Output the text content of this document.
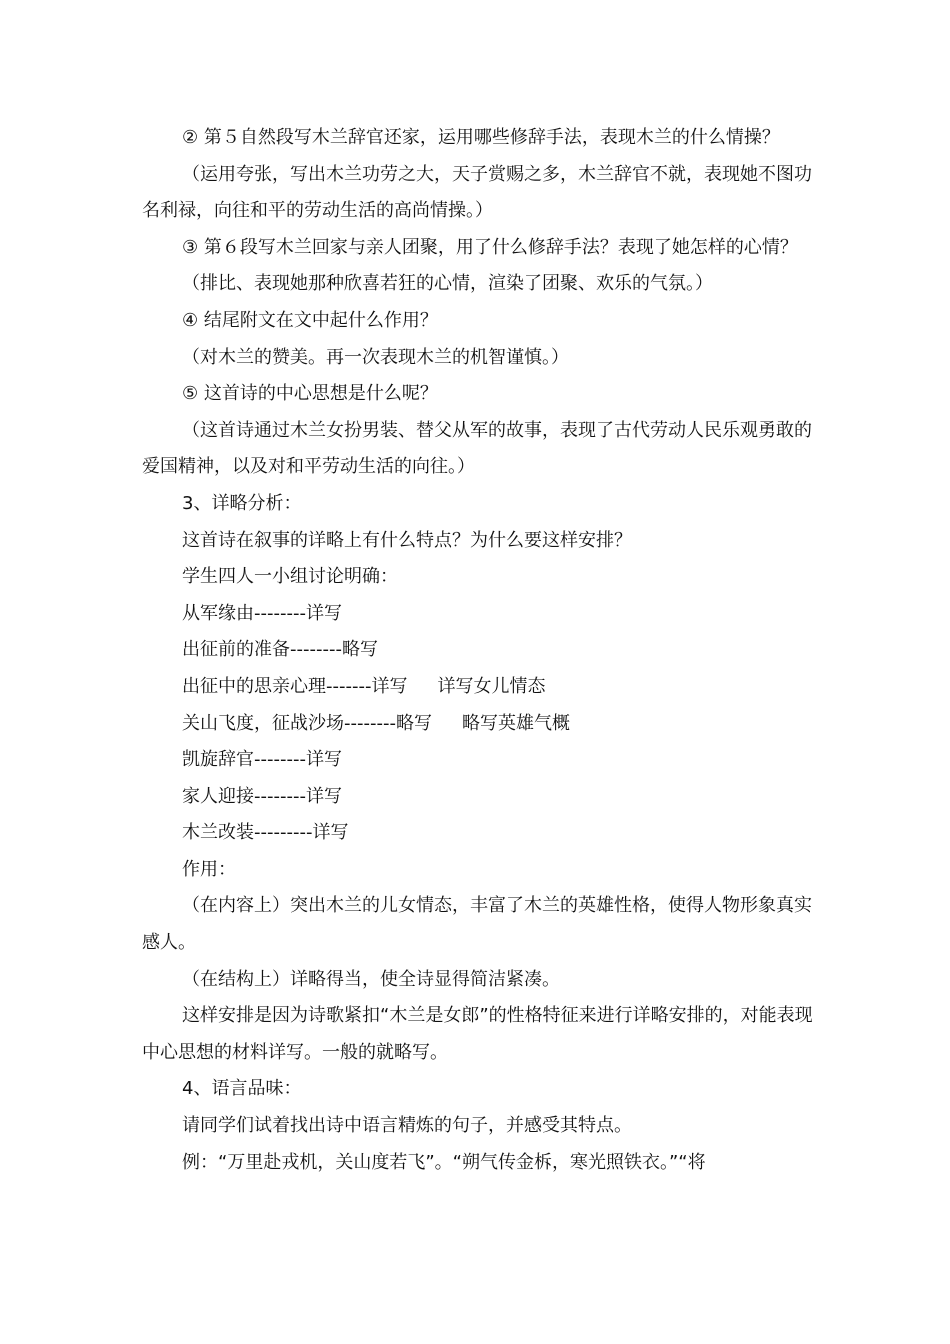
② 第５自然段写木兰辞官还家，运用哪些修辞手法，表现木兰的什么情操？

（运用夸张，写出木兰功劳之大，天子赏赐之多，木兰辞官不就，表现她不图功名利禄，向往和平的劳动生活的高尚情操。）

③ 第６段写木兰回家与亲人团聚，用了什么修辞手法？表现了她怎样的心情？

（排比、表现她那种欣喜若狂的心情，渲染了团聚、欢乐的气氛。）

④ 结尾附文在文中起什么作用？

（对木兰的赞美。再一次表现木兰的机智谨慎。）

⑤ 这首诗的中心思想是什么呢？

（这首诗通过木兰女扮男装、替父从军的故事，表现了古代劳动人民乐观勇敢的爱国精神，以及对和平劳动生活的向往。）

3、详略分析：

这首诗在叙事的详略上有什么特点？为什么要这样安排？

学生四人一小组讨论明确：

从军缘由--------详写

出征前的准备--------略写

出征中的思亲心理-------详写 详写女儿情态

关山飞度，征战沙场--------略写 略写英雄气概

凯旋辞官--------详写

家人迎接--------详写

木兰改装---------详写

作用：

（在内容上）突出木兰的儿女情态，丰富了木兰的英雄性格，使得人物形象真实感人。

（在结构上）详略得当，使全诗显得简洁紧凑。

这样安排是因为诗歌紧扣“木兰是女郎”的性格特征来进行详略安排的，对能表现中心思想的材料详写。一般的就略写。

4、语言品味：

请同学们试着找出诗中语言精炼的句子，并感受其特点。

例：“万里赴戎机，关山度若飞”。“朔气传金柝，寒光照铁衣。”“将
